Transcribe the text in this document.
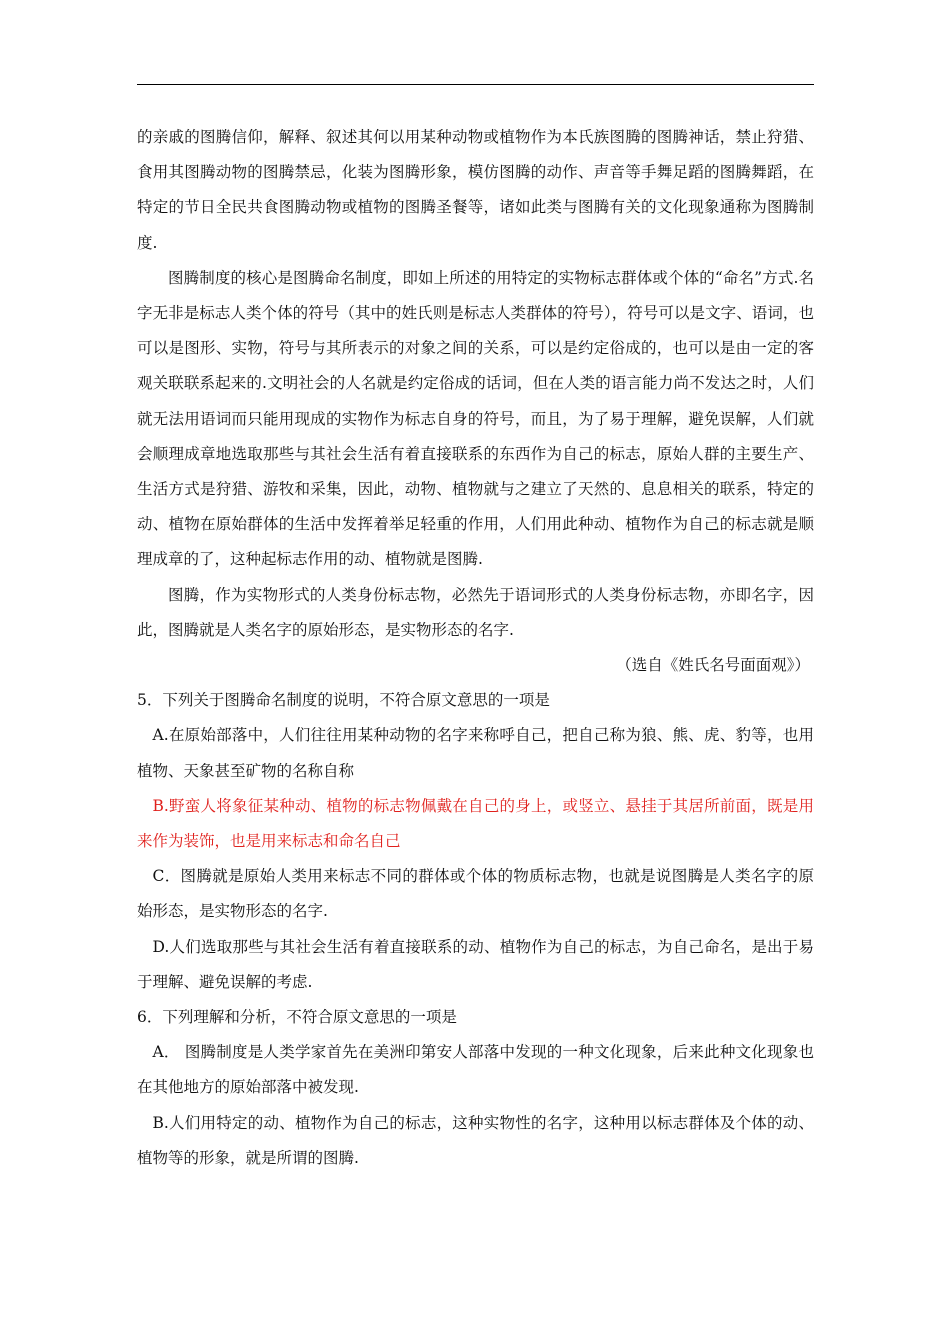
的亲戚的图腾信仰，解释、叙述其何以用某种动物或植物作为本氏族图腾的图腾神话，禁止狩猎、食用其图腾动物的图腾禁忌，化装为图腾形象，模仿图腾的动作、声音等手舞足蹈的图腾舞蹈，在特定的节日全民共食图腾动物或植物的图腾圣餐等，诸如此类与图腾有关的文化现象通称为图腾制度.

图腾制度的核心是图腾命名制度，即如上所述的用特定的实物标志群体或个体的“命名”方式.名字无非是标志人类个体的符号（其中的姓氏则是标志人类群体的符号），符号可以是文字、语词，也可以是图形、实物，符号与其所表示的对象之间的关系，可以是约定俗成的，也可以是由一定的客观关联联系起来的.文明社会的人名就是约定俗成的话词，但在人类的语言能力尚不发达之时，人们就无法用语词而只能用现成的实物作为标志自身的符号，而且，为了易于理解，避免误解，人们就会顺理成章地选取那些与其社会生活有着直接联系的东西作为自己的标志，原始人群的主要生产、生活方式是狩猎、游牧和采集，因此，动物、植物就与之建立了天然的、息息相关的联系，特定的动、植物在原始群体的生活中发挥着举足轻重的作用，人们用此种动、植物作为自己的标志就是顺理成章的了，这种起标志作用的动、植物就是图腾.

图腾，作为实物形式的人类身份标志物，必然先于语词形式的人类身份标志物，亦即名字，因此，图腾就是人类名字的原始形态，是实物形态的名字.

（选自《姓氏名号面面观》）

5．下列关于图腾命名制度的说明，不符合原文意思的一项是

A.在原始部落中，人们往往用某种动物的名字来称呼自己，把自己称为狼、熊、虎、豹等，也用植物、天象甚至矿物的名称自称

B.野蛮人将象征某种动、植物的标志物佩戴在自己的身上，或竖立、悬挂于其居所前面，既是用来作为装饰，也是用来标志和命名自己

C．图腾就是原始人类用来标志不同的群体或个体的物质标志物，也就是说图腾是人类名字的原始形态，是实物形态的名字.

D.人们选取那些与其社会生活有着直接联系的动、植物作为自己的标志，为自己命名，是出于易于理解、避免误解的考虑.

6．下列理解和分析，不符合原文意思的一项是

A． 图腾制度是人类学家首先在美洲印第安人部落中发现的一种文化现象，后来此种文化现象也在其他地方的原始部落中被发现.

B.人们用特定的动、植物作为自己的标志，这种实物性的名字，这种用以标志群体及个体的动、植物等的形象，就是所谓的图腾.
